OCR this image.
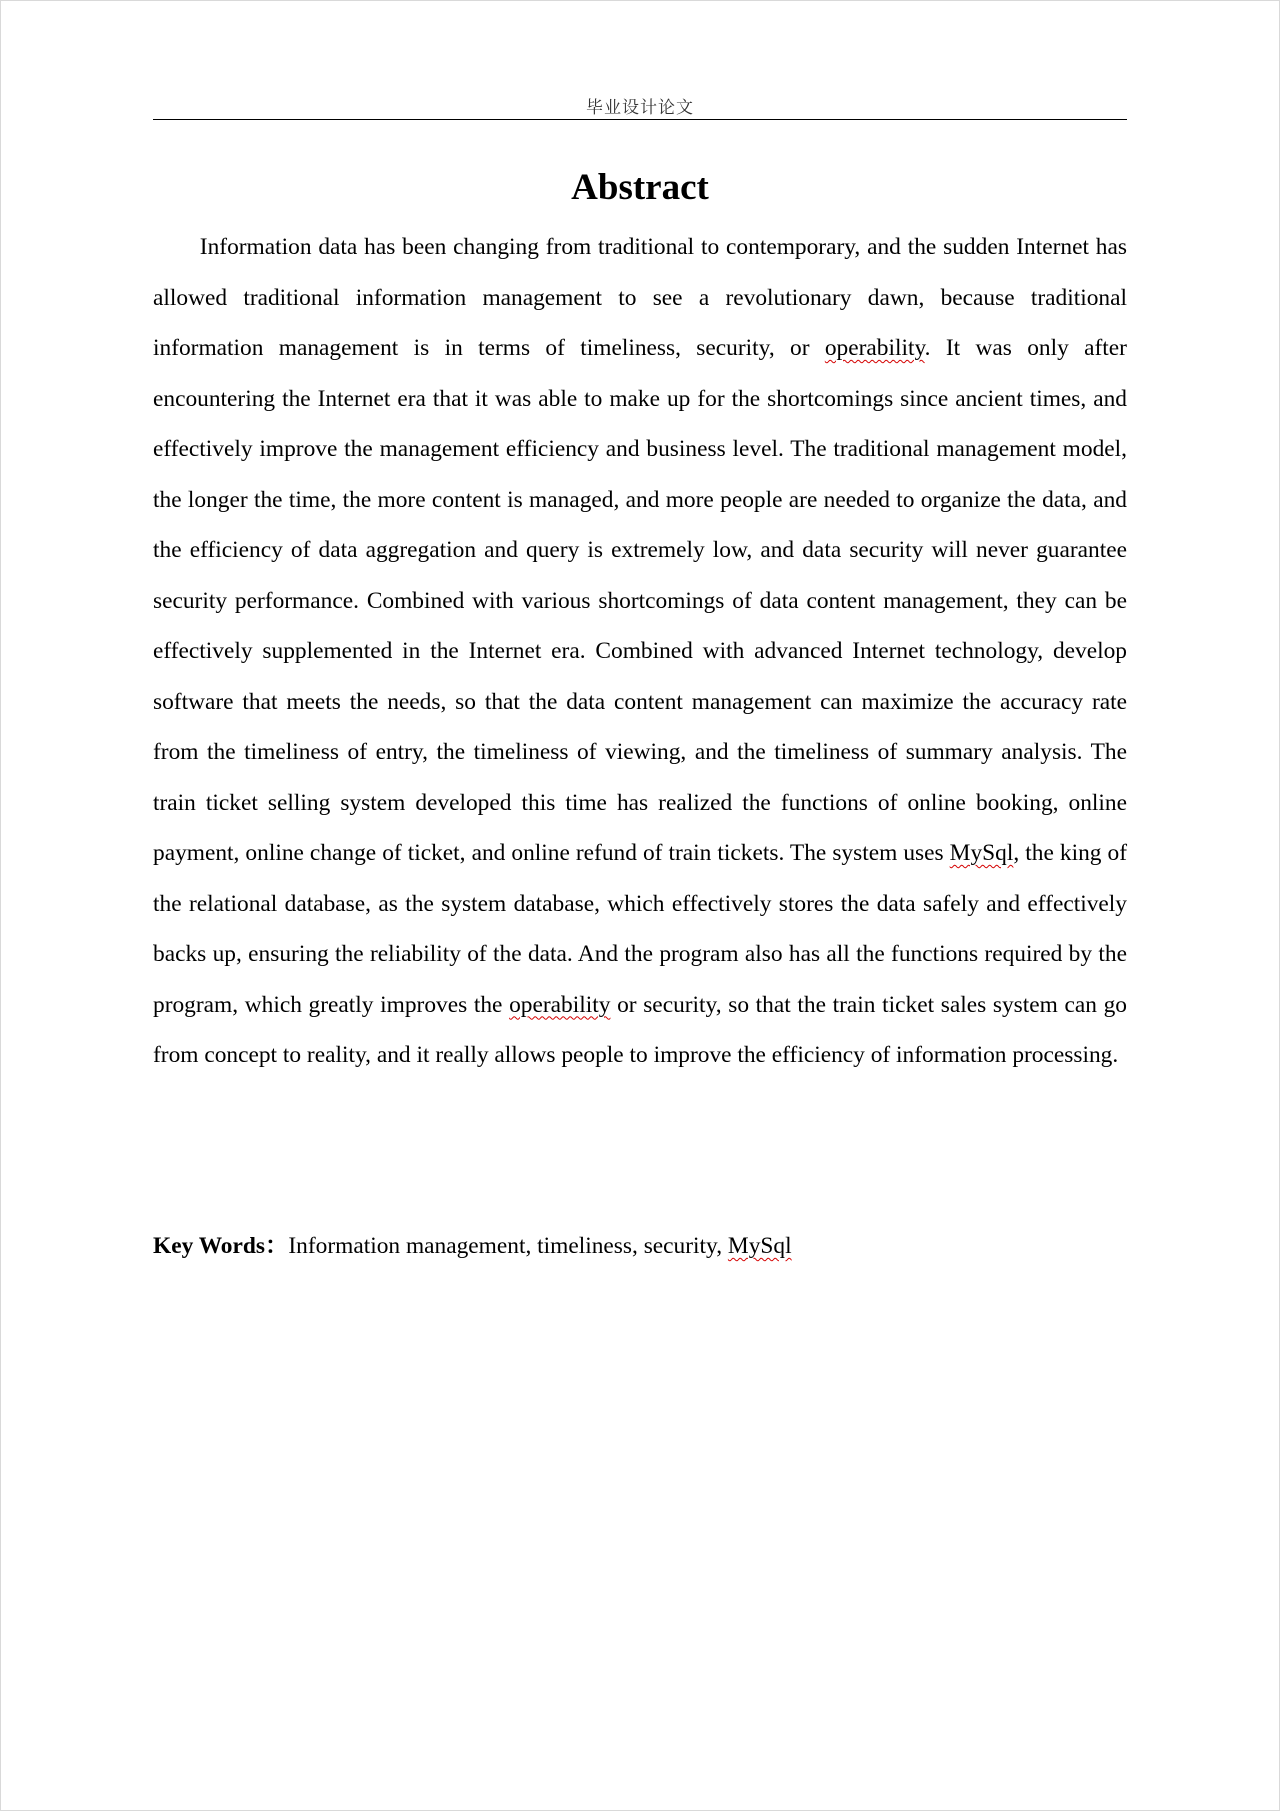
毕业设计论文
Abstract

Information data has been changing from traditional to contemporary, and the sudden Internet has allowed traditional information management to see a revolutionary dawn, because traditional information management is in terms of timeliness, security, or operability. It was only after encountering the Internet era that it was able to make up for the shortcomings since ancient times, and effectively improve the management efficiency and business level. The traditional management model, the longer the time, the more content is managed, and more people are needed to organize the data, and the efficiency of data aggregation and query is extremely low, and data security will never guarantee security performance. Combined with various shortcomings of data content management, they can be effectively supplemented in the Internet era. Combined with advanced Internet technology, develop software that meets the needs, so that the data content management can maximize the accuracy rate from the timeliness of entry, the timeliness of viewing, and the timeliness of summary analysis. The train ticket selling system developed this time has realized the functions of online booking, online payment, online change of ticket, and online refund of train tickets. The system uses MySql, the king of the relational database, as the system database, which effectively stores the data safely and effectively backs up, ensuring the reliability of the data. And the program also has all the functions required by the program, which greatly improves the operability or security, so that the train ticket sales system can go from concept to reality, and it really allows people to improve the efficiency of information processing.

Key Words：Information management, timeliness, security, MySql
